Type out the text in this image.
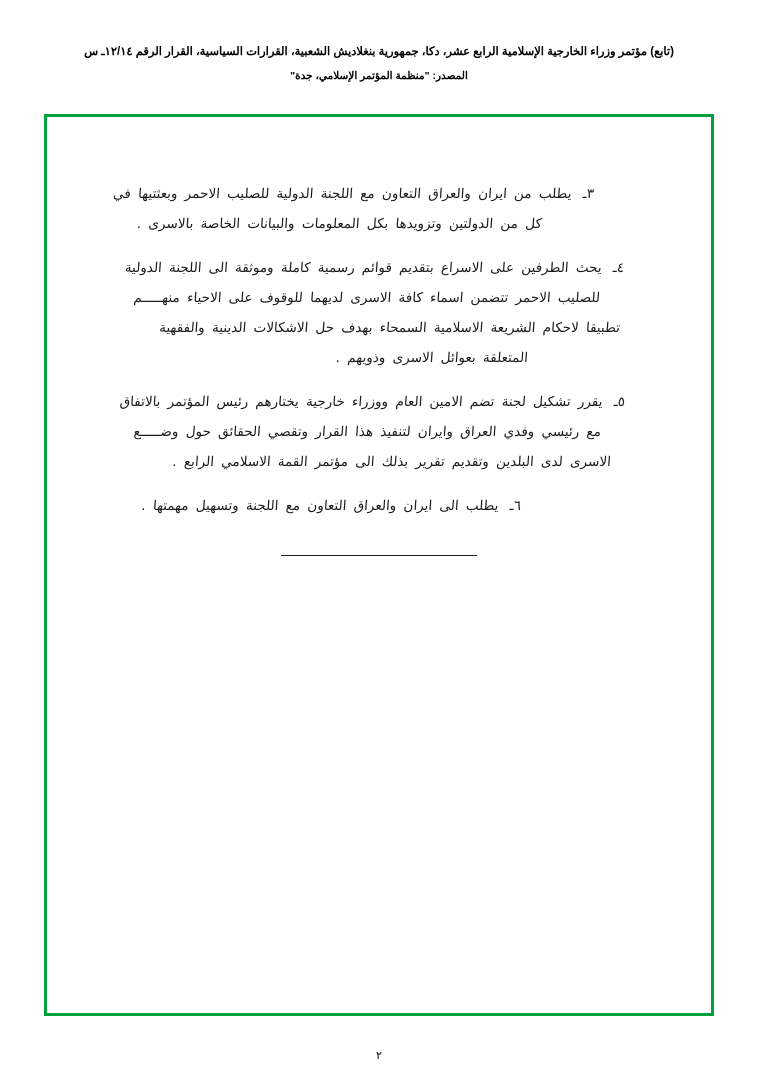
(تابع) مؤتمر وزراء الخارجية الإسلامية الرابع عشر، دكا، جمهورية بنغلاديش الشعبية، القرارات السياسية، القرار الرقم ١٢/١٤ـ س
المصدر: "منظمة المؤتمر الإسلامي، جدة"
٣ـ يطلب من ايران والعراق التعاون مع اللجنة الدولية للصليب الاحمر وبعثتيها في
كل من الدولتين وتزويدها بكل المعلومات والبيانات الخاصة بالاسرى .
٤ـ يحث الطرفين على الاسراع بتقديم قوائم رسمية كاملة وموثقة الى اللجنة الدولية
للصليب الاحمر تتضمن اسماء كافة الاسرى لديهما للوقوف على الاحياء منهـــــم
تطبيقا لاحكام الشريعة الاسلامية السمحاء بهدف حل الاشكالات الدينية والفقهية
المتعلقة بعوائل الاسرى وذويهم .
٥ـ يقرر تشكيل لجنة تضم الامين العام ووزراء خارجية يختارهم رئيس المؤتمر بالاتفاق
مع رئيسي وفدي العراق وايران لتنفيذ هذا القرار وتقصي الحقائق حول وضـــــع
الاسرى لدى البلدين وتقديم تقرير بذلك الى مؤتمر القمة الاسلامي الرابع .
٦ـ يطلب الى ايران والعراق التعاون مع اللجنة وتسهيل مهمتها .
٢
